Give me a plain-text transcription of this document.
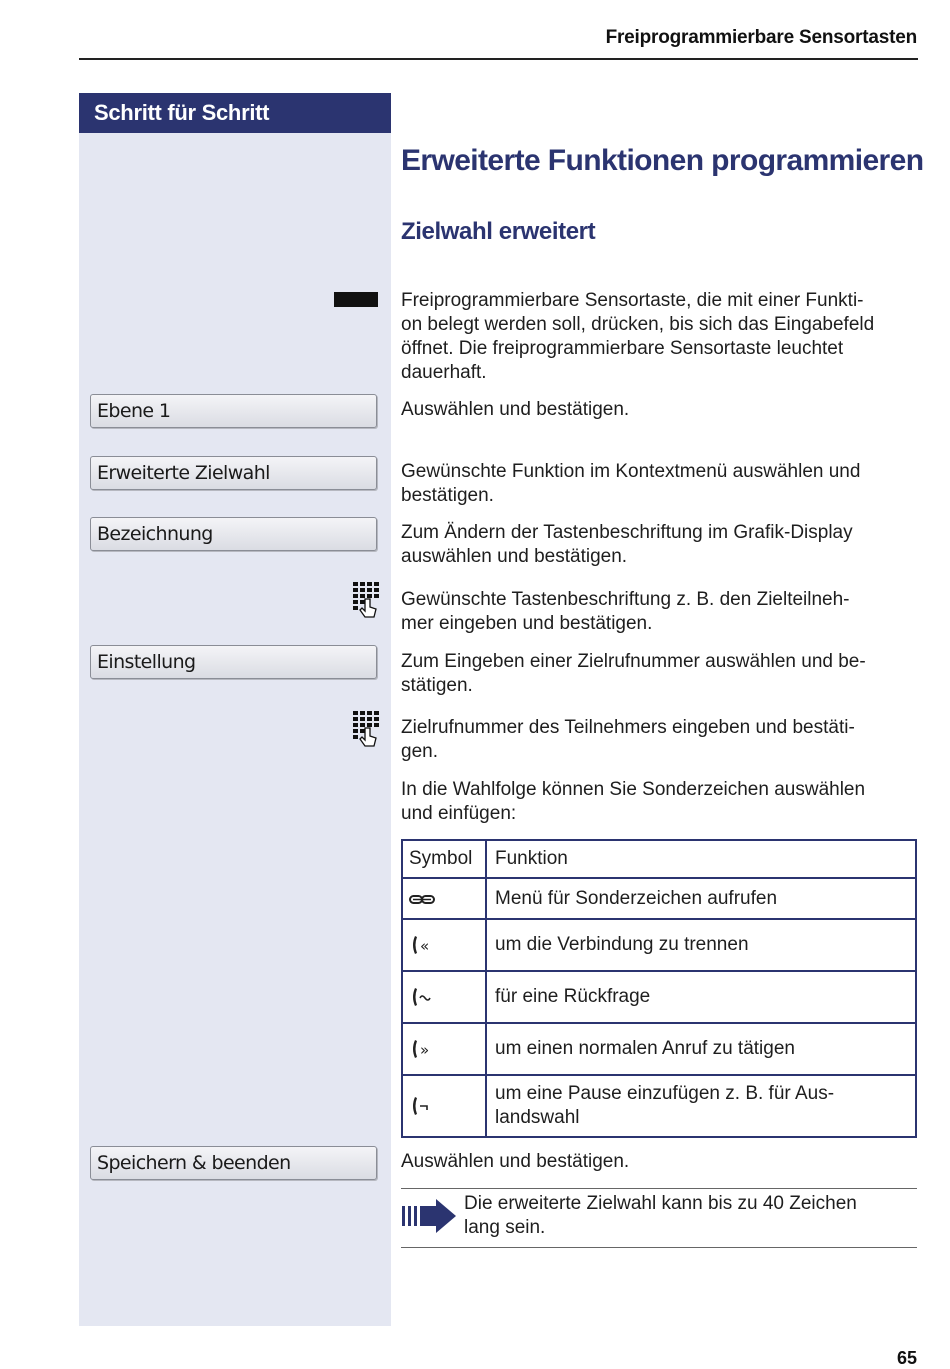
Freiprogrammierbare Sensortasten
Schritt für Schritt
Erweiterte Funktionen programmieren
Zielwahl erweitert
Freiprogrammierbare Sensortaste, die mit einer Funkti-
on belegt werden soll, drücken, bis sich das Eingabefeld
öffnet. Die freiprogrammierbare Sensortaste leuchtet
dauerhaft.
Ebene 1	Auswählen und bestätigen.
Erweiterte Zielwahl	Gewünschte Funktion im Kontextmenü auswählen und
bestätigen.
Bezeichnung	Zum Ändern der Tastenbeschriftung im Grafik-Display
auswählen und bestätigen.
Gewünschte Tastenbeschriftung z. B. den Zielteilneh-
mer eingeben und bestätigen.
Einstellung	Zum Eingeben einer Zielrufnummer auswählen und be-
stätigen.
Zielrufnummer des Teilnehmers eingeben und bestäti-
gen.
In die Wahlfolge können Sie Sonderzeichen auswählen
und einfügen:
Symbol	Funktion

	Menü für Sonderzeichen aufrufen

«	um die Verbindung zu trennen

	für eine Rückfrage

»	um einen normalen Anruf zu tätigen

	um eine Pause einzufügen z. B. für Aus-
landswahl
Speichern & beenden	Auswählen und bestätigen.
Die erweiterte Zielwahl kann bis zu 40 Zeichen
lang sein.
65
